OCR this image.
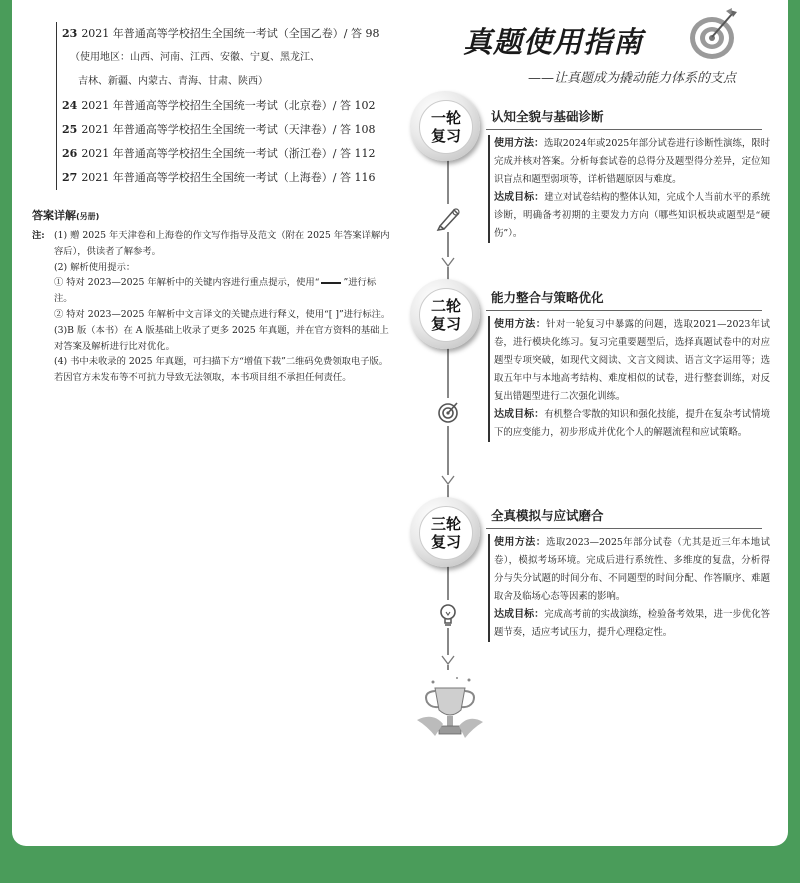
23 2021 年普通高等学校招生全国统一考试（全国乙卷）/ 答 98
（使用地区：山西、河南、江西、安徽、宁夏、黑龙江、
吉林、新疆、内蒙古、青海、甘肃、陕西）
24 2021 年普通高等学校招生全国统一考试（北京卷）/ 答 102
25 2021 年普通高等学校招生全国统一考试（天津卷）/ 答 108
26 2021 年普通高等学校招生全国统一考试（浙江卷）/ 答 112
27 2021 年普通高等学校招生全国统一考试（上海卷）/ 答 116
答案详解(另册)
注: (1) 赠 2025 年天津卷和上海卷的作文写作指导及范文（附在 2025 年答案详解内容后），供读者了解参考。

(2) 解析使用提示：

① 特对 2023—2025 年解析中的关键内容进行重点提示，使用“	”进行标注。

② 特对 2023—2025 年解析中文言译文的关键点进行释义，使用“[ ]”进行标注。

(3)B 版（本书）在 A 版基础上收录了更多 2025 年真题，并在官方资料的基础上对答案及解析进行比对优化。

(4) 书中未收录的 2025 年真题，可扫描下方“增值下载”二维码免费领取电子版。若因官方未发布等不可抗力导致无法领取，本书项目组不承担任何责任。

真题使用指南
——让真题成为撬动能力体系的支点
一轮
复习
认知全貌与基础诊断

使用方法：选取2024年或2025年部分试卷进行诊断性演练，限时完成并核对答案。分析每套试卷的总得分及题型得分差异，定位知识盲点和题型弱项等，详析错题原因与难度。

达成目标：建立对试卷结构的整体认知，完成个人当前水平的系统诊断，明确备考初期的主要发力方向（哪些知识板块或题型是“硬伤”）。

二轮
复习
能力整合与策略优化

使用方法：针对一轮复习中暴露的问题，选取2021—2023年试卷，进行模块化练习。复习完重要题型后，选择真题试卷中的对应题型专项突破，如现代文阅读、文言文阅读、语言文字运用等；选取五年中与本地高考结构、难度相似的试卷，进行整套训练，对反复出错题型进行二次强化训练。

达成目标：有机整合零散的知识和强化技能，提升在复杂考试情境下的应变能力，初步形成并优化个人的解题流程和应试策略。

三轮
复习
全真模拟与应试磨合

使用方法：选取2023—2025年部分试卷（尤其是近三年本地试卷），模拟考场环境。完成后进行系统性、多维度的复盘，分析得分与失分试题的时间分布、不同题型的时间分配、作答顺序、难题取舍及临场心态等因素的影响。

达成目标：完成高考前的实战演练，检验备考效果，进一步优化答题节奏，适应考试压力，提升心理稳定性。
